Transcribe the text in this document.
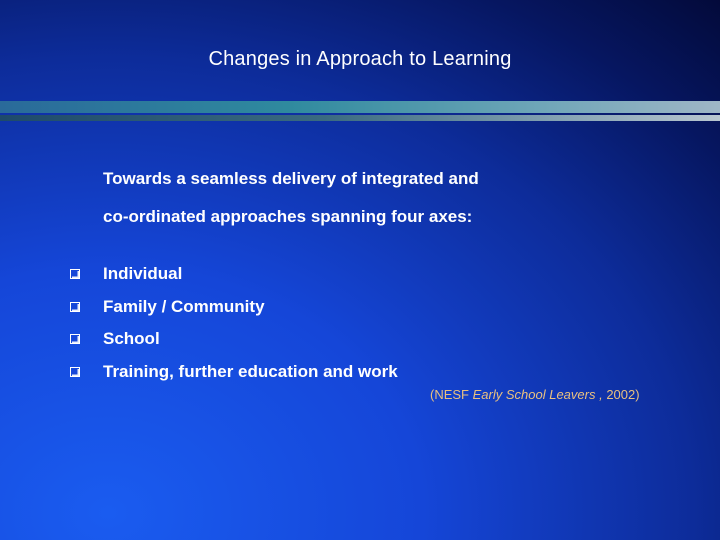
Changes in Approach to Learning
Towards a seamless delivery of integrated and
co-ordinated approaches spanning four axes:
Individual
Family / Community
School
Training, further education and work
(NESF Early School Leavers , 2002)
